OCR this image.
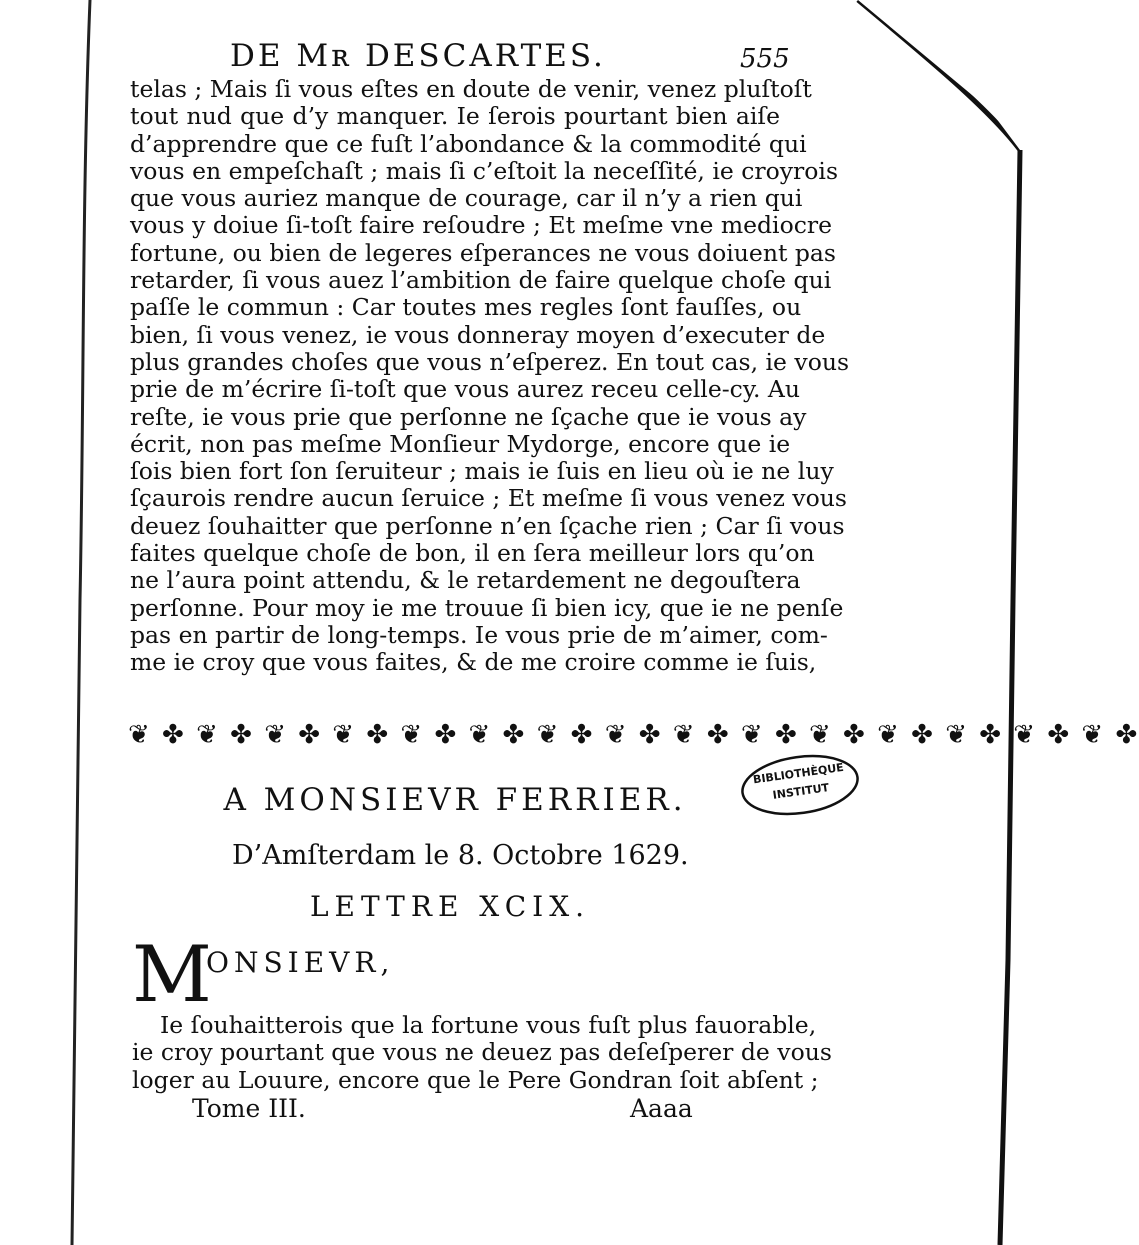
DE Mʀ DESCARTES.	555
telas ; Mais ſi vous eſtes en doute de venir, venez pluſtoſt
tout nud que d’y manquer. Ie ſerois pourtant bien aiſe
d’apprendre que ce fuſt l’abondance & la commodité qui
vous en empeſchaſt ; mais ſi c’eſtoit la neceſſité, ie croyrois
que vous auriez manque de courage, car il n’y a rien qui
vous y doiue ſi-toſt faire reſoudre ; Et meſme vne mediocre
fortune, ou bien de legeres eſperances ne vous doiuent pas
retarder, ſi vous auez l’ambition de faire quelque choſe qui
paſſe le commun : Car toutes mes regles ſont fauſſes, ou
bien, ſi vous venez, ie vous donneray moyen d’executer de
plus grandes choſes que vous n’eſperez. En tout cas, ie vous
prie de m’écrire ſi-toſt que vous aurez receu celle-cy. Au
reſte, ie vous prie que perſonne ne ſçache que ie vous ay
écrit, non pas meſme Monſieur Mydorge, encore que ie
ſois bien fort ſon ſeruiteur ; mais ie ſuis en lieu où ie ne luy
ſçaurois rendre aucun ſeruice ; Et meſme ſi vous venez vous
deuez ſouhaitter que perſonne n’en ſçache rien ; Car ſi vous
faites quelque choſe de bon, il en ſera meilleur lors qu’on
ne l’aura point attendu, & le retardement ne degouſtera
perſonne. Pour moy ie me trouue ſi bien icy, que ie ne penſe
pas en partir de long-temps. Ie vous prie de m’aimer, com-
me ie croy que vous faites, & de me croire comme ie ſuis,
❦ ✤ ❦ ✤ ❦ ✤ ❦ ✤ ❦ ✤ ❦ ✤ ❦ ✤ ❦ ✤ ❦ ✤ ❦ ✤ ❦ ✤ ❦ ✤ ❦ ✤ ❦ ✤ ❦ ✤
BIBLIOTHÈQUE
INSTITUT
A MONSIEVR FERRIER.
D’Amſterdam le 8. Octobre 1629.
LETTRE XCIX.
M
ONSIEVR,
Ie ſouhaitterois que la fortune vous fuſt plus fauorable,
ie croy pourtant que vous ne deuez pas deſeſperer de vous
loger au Louure, encore que le Pere Gondran ſoit abſent ;
Tome III.	Aaaa
